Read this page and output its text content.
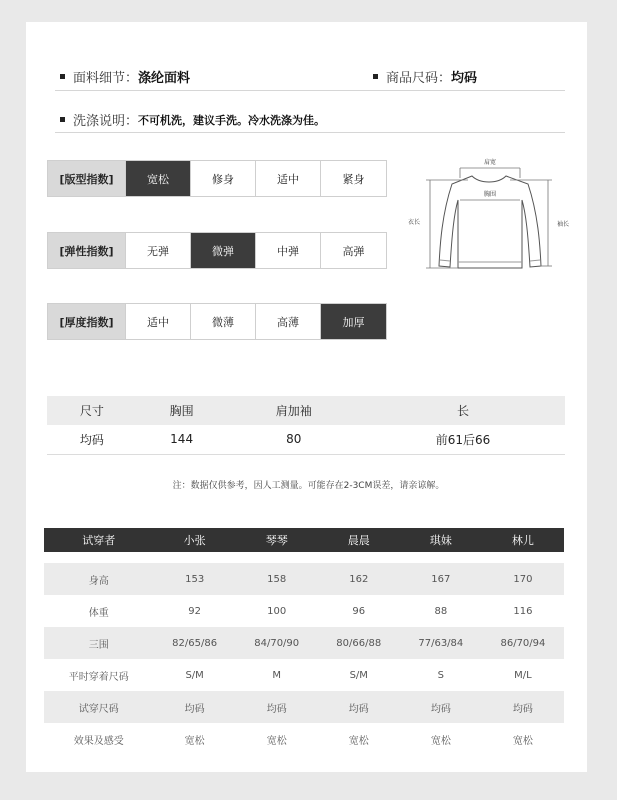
面料细节： 涤纶面料	商品尺码： 均码
洗涤说明： 不可机洗，建议手洗。冷水洗涤为佳。
[版型指数]	宽松	修身	适中	紧身
[弹性指数]	无弹	微弹	中弹	高弹
[厚度指数]	适中	微薄	高薄	加厚
肩宽
胸围
衣长	袖长
尺寸	胸围	肩加袖	长
均码	144	80	前61后66
注：数据仅供参考，因人工测量。可能存在2-3CM误差，请亲谅解。
试穿者	小张	琴琴	晨晨	琪妹	林儿

身高	153	158	162	167	170
体重	92	100	96	88	116
三围	82/65/86	84/70/90	80/66/88	77/63/84	86/70/94
平时穿着尺码	S/M	M	S/M	S	M/L
试穿尺码	均码	均码	均码	均码	均码
效果及感受	宽松	宽松	宽松	宽松	宽松
